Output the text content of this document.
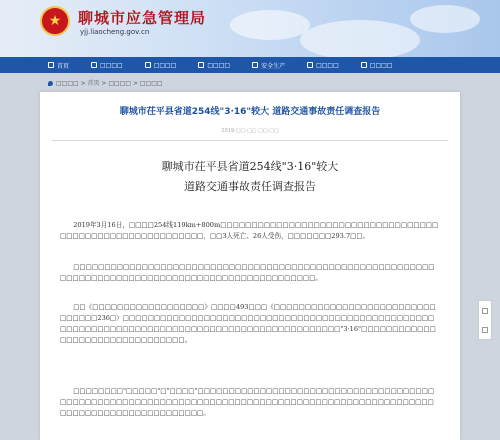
★	聊城市应急管理局
yjj.liaocheng.gov.cn
首页	□□□□	□□□□	□□□□	安全生产	□□□□	□□□□
□□□□ > 首页 > □□□□ > □□□□
聊城市茌平县省道254线"3·16"较大 道路交通事故责任调查报告
2019-□□-□□ □□:□□
聊城市茌平县省道254线"3·16"较大
道路交通事故责任调查报告
2019年3月16日，□□□□254线119km+800m□□□□□□□□□□□□□□□□□□□□□□□□□□□□□□□□□□□□□□□□□□□□□□□□□□□□□□□□□□，□□3人死亡、26人受伤，□□□□□□□293.7□□。
□□□□□□□□□□□□□□□□□□□□□□□□□□□□□□□□□□□□□□□□□□□□□□□□□□□□□□□□□□□□□□□□□□□□□□□□□□□□□□□□□□□□□□□□□□□□□□□□□□□。
□□《□□□□□□□□□□□□□□□□□□》□□□□493□□□《□□□□□□□□□□□□□□□□□□□□□□□□□□□□□□□□236□）□□□□□□□□□□□□□□□□□□□□□□□□□□□□□□□□□□□□□□□□□□□□□□□□□□□□□□□□□□□□□□□□□□□□□□□□□□□□□□□□□□□□□□□□□□□□□□□"3·16"□□□□□□□□□□□□□□□□□□□□□□□□□□□□□□□□。
□□□□□□□□"□□□□□"□"□□□□"□□□□□□□□□□□□□□□□□□□□□□□□□□□□□□□□□□□□□□□□□□□□□□□□□□□□□□□□□□□□□□□□□□□□□□□□□□□□□□□□□□□□□□□□□□□□□□□□□□□□□□□□□□□□□□□□□□□□□□□□□。
